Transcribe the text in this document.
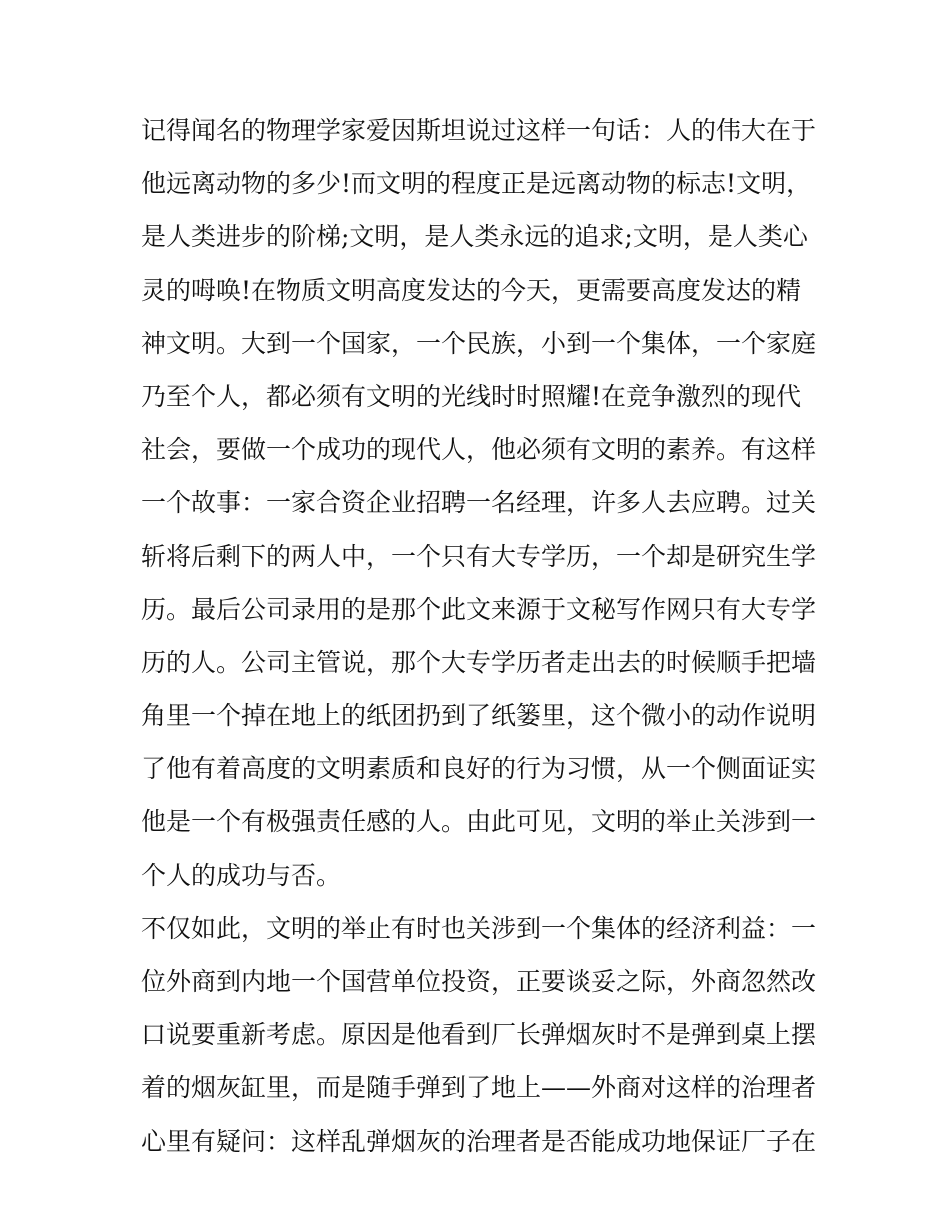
记得闻名的物理学家爱因斯坦说过这样一句话：人的伟大在于
他远离动物的多少!而文明的程度正是远离动物的标志!文明，
是人类进步的阶梯;文明，是人类永远的追求;文明，是人类心
灵的呣唤!在物质文明高度发达的今天，更需要高度发达的精
神文明。大到一个国家，一个民族，小到一个集体，一个家庭
乃至个人，都必须有文明的光线时时照耀!在竞争激烈的现代
社会，要做一个成功的现代人，他必须有文明的素养。有这样
一个故事：一家合资企业招聘一名经理，许多人去应聘。过关
斩将后剩下的两人中，一个只有大专学历，一个却是研究生学
历。最后公司录用的是那个此文来源于文秘写作网只有大专学
历的人。公司主管说，那个大专学历者走出去的时候顺手把墙
角里一个掉在地上的纸团扔到了纸篓里，这个微小的动作说明
了他有着高度的文明素质和良好的行为习惯，从一个侧面证实
他是一个有极强责任感的人。由此可见，文明的举止关涉到一
个人的成功与否。
不仅如此，文明的举止有时也关涉到一个集体的经济利益：一
位外商到内地一个国营单位投资，正要谈妥之际，外商忽然改
口说要重新考虑。原因是他看到厂长弹烟灰时不是弹到桌上摆
着的烟灰缸里，而是随手弹到了地上——外商对这样的治理者
心里有疑问：这样乱弹烟灰的治理者是否能成功地保证厂子在
